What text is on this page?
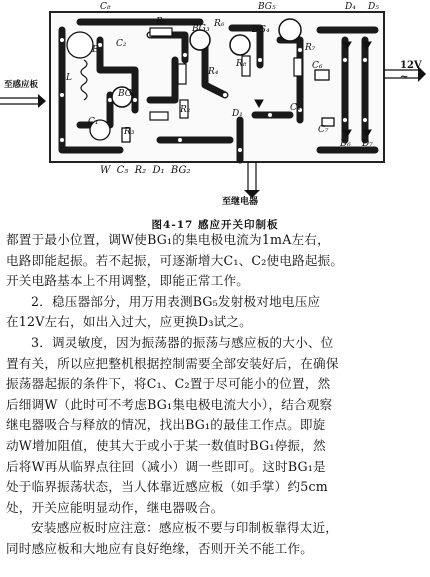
C₈	BG₅	D₄ D₅
C
E
R₅
BG₃ R₆
BG₄
C₂
R₄
R₇
R₈	C₆
L
BG₁
R₂	C₄
C₁
R₃
D₁
C₇
D₆ D₇
至感应板
12V
~
至继电器
W  C₅  R₂  D₁  BG₂
图4-17 感应开关印制板
都置于最小位置，调W使BG₁的集电极电流为1mA左右，
电路即能起振。若不起振，可逐渐增大C₁、C₂使电路起振。
开关电路基本上不用调整，即能正常工作。
2．稳压器部分，用万用表测BG₅发射极对地电压应
在12V左右，如出入过大，应更换D₃试之。
3．调灵敏度，因为振荡器的振荡与感应板的大小、位
置有关，所以应把整机根据控制需要全部安装好后，在确保
振荡器起振的条件下，将C₁、C₂置于尽可能小的位置，然
后细调W（此时可不考虑BG₁集电极电流大小），结合观察
继电器吸合与释放的情况，找出BG₁的最佳工作点。即旋
动W增加阻值，使其大于或小于某一数值时BG₁停振，然
后将W再从临界点往回（减小）调一些即可。这时BG₁是
处于临界振荡状态，当人体靠近感应板（如手掌）约5cm
处，开关应能明显动作，继电器吸合。
安装感应板时应注意：感应板不要与印制板靠得太近，
同时感应板和大地应有良好绝缘，否则开关不能工作。
